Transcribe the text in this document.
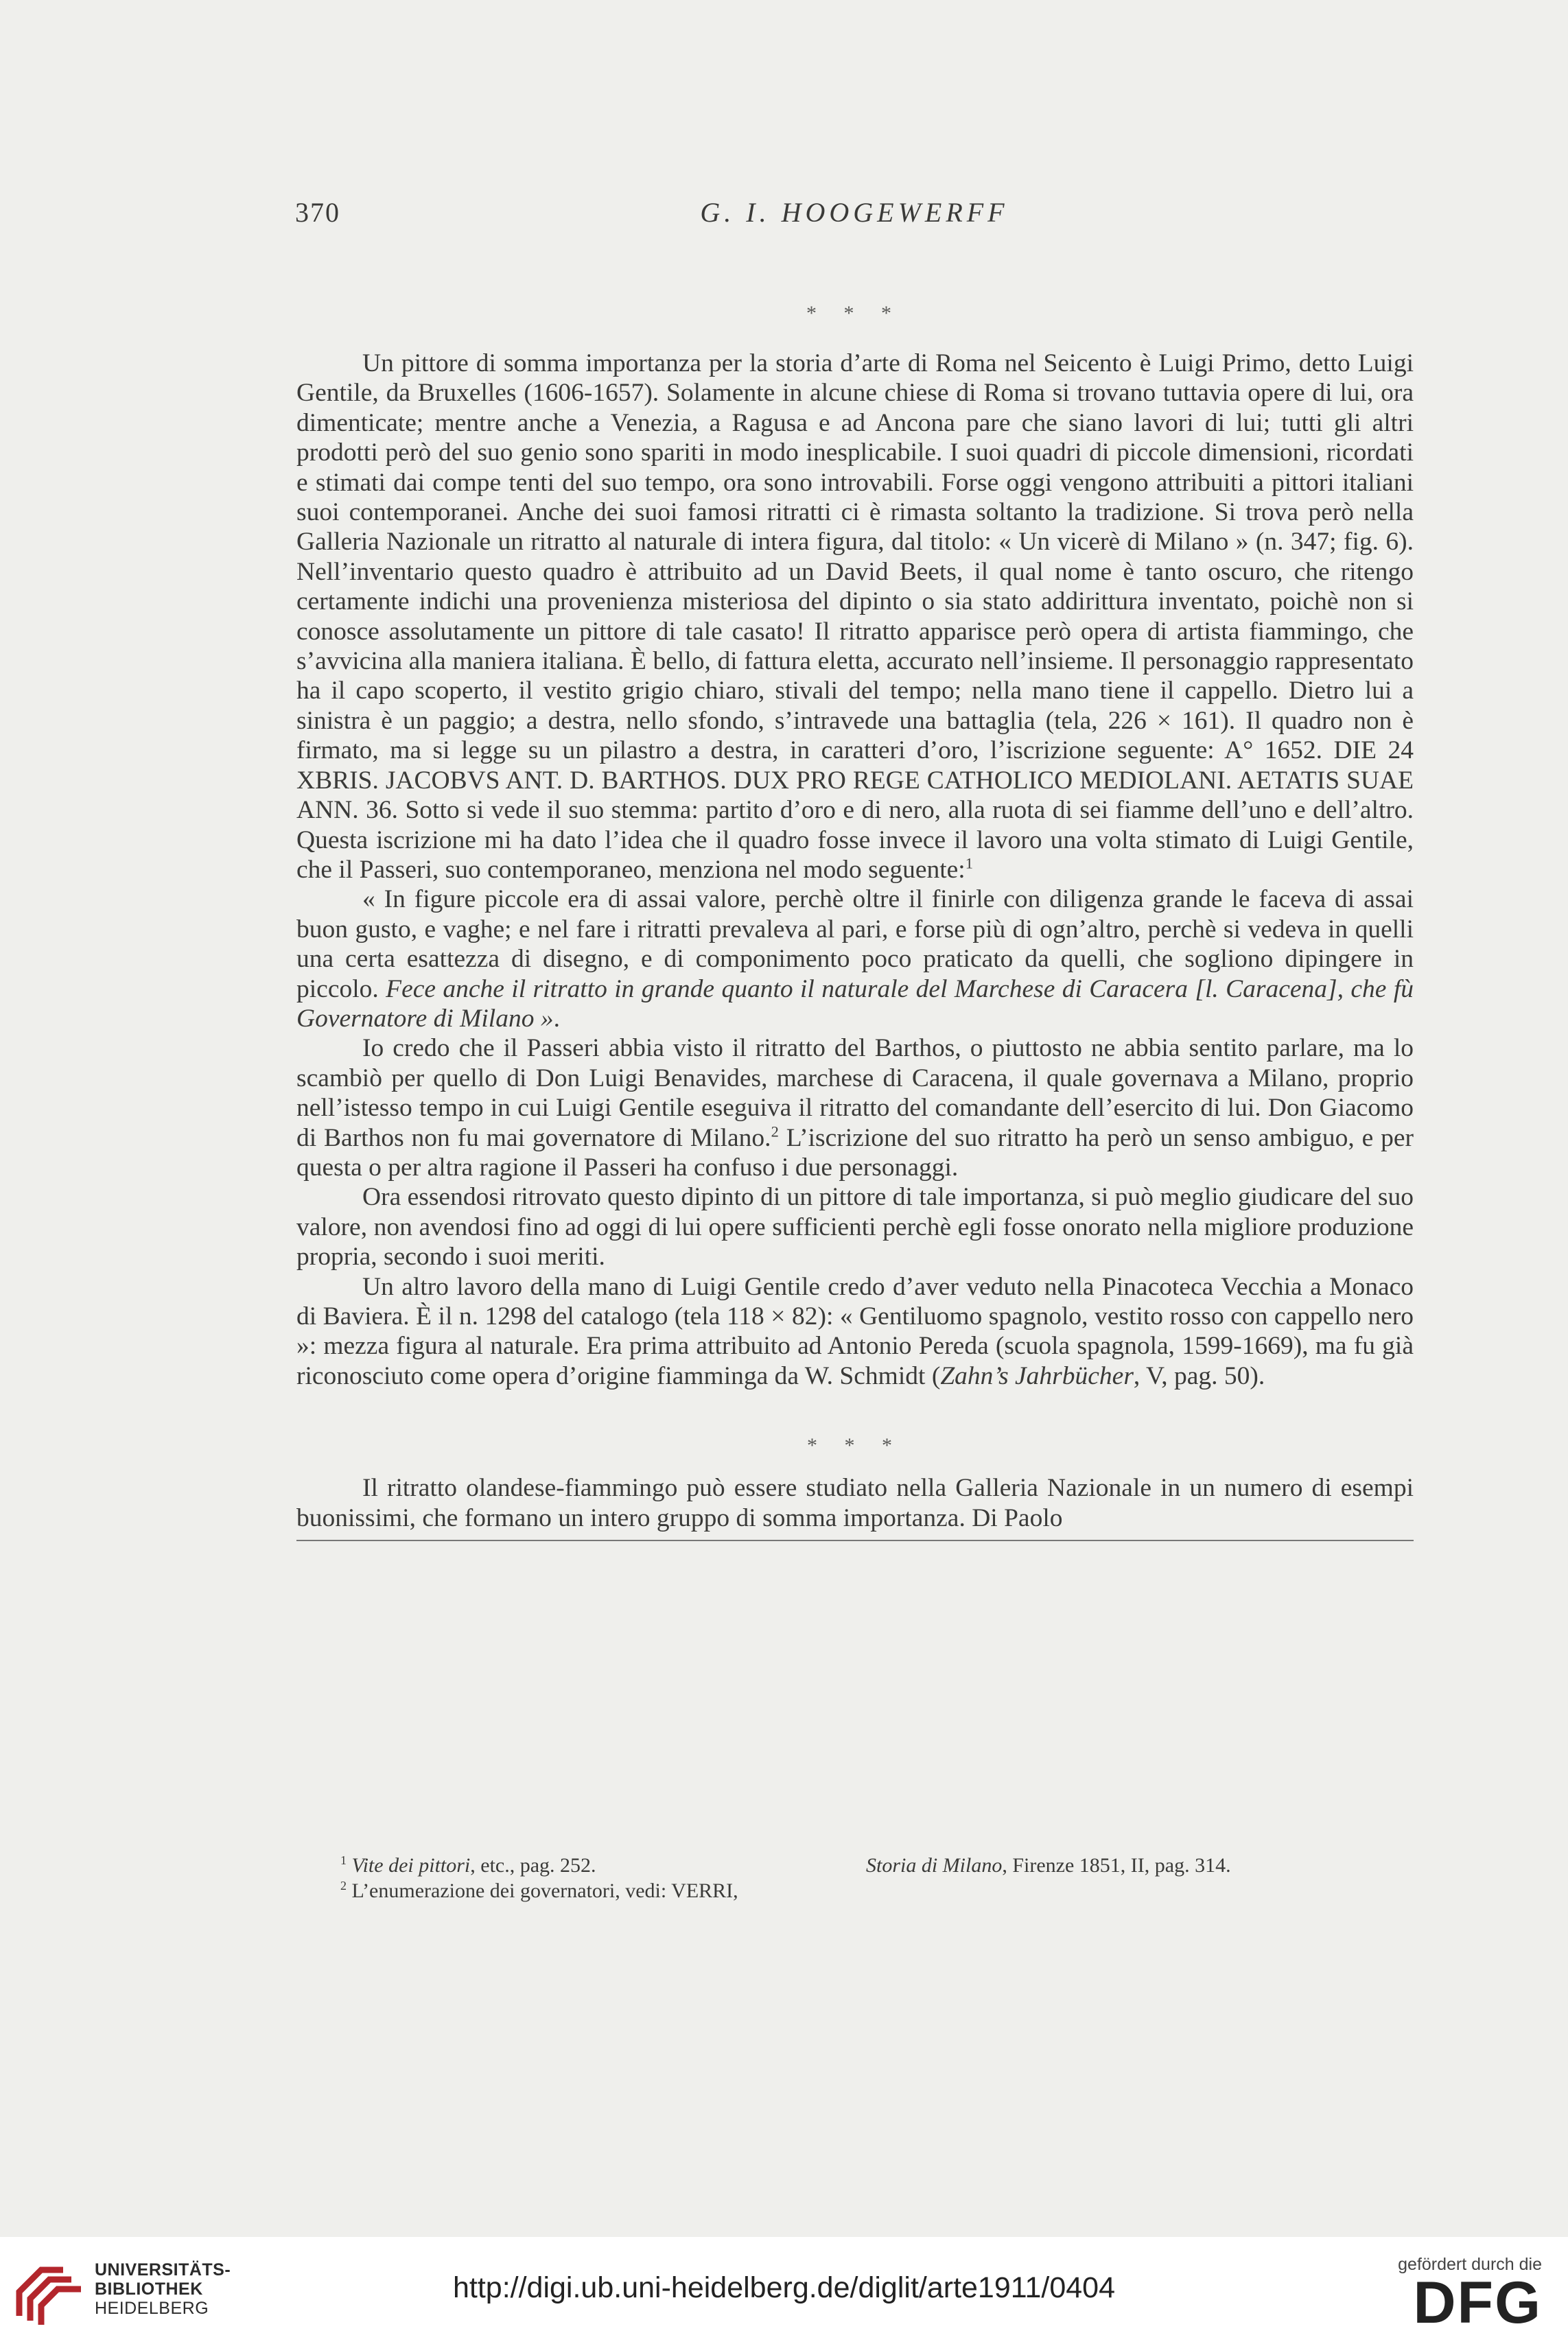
370	G. I. HOOGEWERFF
* * *

Un pittore di somma importanza per la storia d’arte di Roma nel Seicento è Luigi Primo, detto Luigi Gentile, da Bruxelles (1606-1657). Solamente in alcune chiese di Roma si trovano tuttavia opere di lui, ora dimenticate; mentre anche a Venezia, a Ragusa e ad Ancona pare che siano lavori di lui; tutti gli altri prodotti però del suo genio sono spariti in modo inesplicabile. I suoi quadri di piccole dimensioni, ricordati e stimati dai compe tenti del suo tempo, ora sono introvabili. Forse oggi vengono attribuiti a pittori italiani suoi contemporanei. Anche dei suoi famosi ritratti ci è rimasta soltanto la tradizione. Si trova però nella Galleria Nazionale un ritratto al naturale di intera figura, dal titolo: « Un vicerè di Milano » (n. 347; fig. 6). Nell’inventario questo quadro è attribuito ad un David Beets, il qual nome è tanto oscuro, che ritengo certamente indichi una provenienza misteriosa del dipinto o sia stato addirittura inventato, poichè non si conosce assolutamente un pittore di tale casato! Il ritratto apparisce però opera di artista fiammingo, che s’avvicina alla maniera italiana. È bello, di fattura eletta, accurato nell’insieme. Il personaggio rappresentato ha il capo scoperto, il vestito grigio chiaro, stivali del tempo; nella mano tiene il cappello. Dietro lui a sinistra è un paggio; a destra, nello sfondo, s’intravede una battaglia (tela, 226 × 161). Il quadro non è firmato, ma si legge su un pilastro a destra, in caratteri d’oro, l’iscrizione seguente: A° 1652. DIE 24 XBRIS. JACOBVS ANT. D. BARTHOS. DUX PRO REGE CATHOLICO MEDIOLANI. AETATIS SUAE ANN. 36. Sotto si vede il suo stemma: partito d’oro e di nero, alla ruota di sei fiamme dell’uno e dell’altro. Questa iscrizione mi ha dato l’idea che il quadro fosse invece il lavoro una volta stimato di Luigi Gentile, che il Passeri, suo contemporaneo, menziona nel modo seguente:$^1$

« In figure piccole era di assai valore, perchè oltre il finirle con diligenza grande le faceva di assai buon gusto, e vaghe; e nel fare i ritratti prevaleva al pari, e forse più di ogn’altro, perchè si vedeva in quelli una certa esattezza di disegno, e di componimento poco praticato da quelli, che sogliono dipingere in piccolo. Fece anche il ritratto in grande quanto il naturale del Marchese di Caracera [l. Caracena], che fù Governatore di Milano ».

Io credo che il Passeri abbia visto il ritratto del Barthos, o piuttosto ne abbia sentito parlare, ma lo scambiò per quello di Don Luigi Benavides, marchese di Caracena, il quale governava a Milano, proprio nell’istesso tempo in cui Luigi Gentile eseguiva il ritratto del comandante dell’esercito di lui. Don Giacomo di Barthos non fu mai governatore di Milano.$^2$ L’iscrizione del suo ritratto ha però un senso ambiguo, e per questa o per altra ragione il Passeri ha confuso i due personaggi.

Ora essendosi ritrovato questo dipinto di un pittore di tale importanza, si può meglio giudicare del suo valore, non avendosi fino ad oggi di lui opere sufficienti perchè egli fosse onorato nella migliore produzione propria, secondo i suoi meriti.

Un altro lavoro della mano di Luigi Gentile credo d’aver veduto nella Pinacoteca Vecchia a Monaco di Baviera. È il n. 1298 del catalogo (tela 118 × 82): « Gentiluomo spagnolo, vestito rosso con cappello nero »: mezza figura al naturale. Era prima attribuito ad Antonio Pereda (scuola spagnola, 1599-1669), ma fu già riconosciuto come opera d’origine fiamminga da W. Schmidt (Zahn’s Jahrbücher, V, pag. 50).

* * *

Il ritratto olandese-fiammingo può essere studiato nella Galleria Nazionale in un numero di esempi buonissimi, che formano un intero gruppo di somma importanza. Di Paolo

$^1$ Vite dei pittori, etc., pag. 252.	Storia di Milano, Firenze 1851, II, pag. 314.
$^2$ L’enumerazione dei governatori, vedi: VERRI,
UNIVERSITÄTS-
BIBLIOTHEK
HEIDELBERG
http://digi.ub.uni-heidelberg.de/diglit/arte1911/0404
gefördert durch die
DFG
